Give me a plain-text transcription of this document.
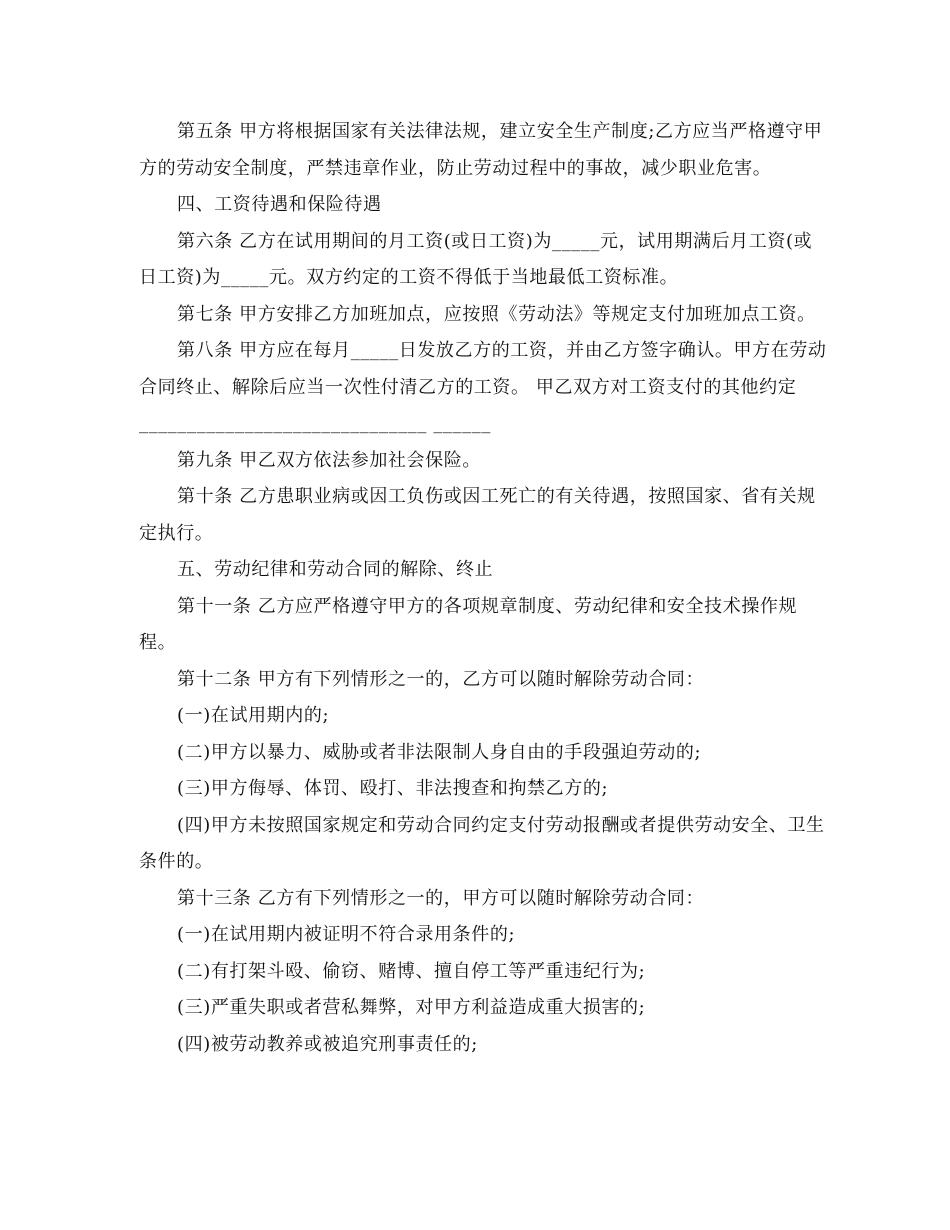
第五条 甲方将根据国家有关法律法规，建立安全生产制度;乙方应当严格遵守甲方的劳动安全制度，严禁违章作业，防止劳动过程中的事故，减少职业危害。

四、工资待遇和保险待遇

第六条 乙方在试用期间的月工资(或日工资)为_____元，试用期满后月工资(或日工资)为_____元。双方约定的工资不得低于当地最低工资标准。

第七条 甲方安排乙方加班加点，应按照《劳动法》等规定支付加班加点工资。

第八条 甲方应在每月_____日发放乙方的工资，并由乙方签字确认。甲方在劳动合同终止、解除后应当一次性付清乙方的工资。 甲乙双方对工资支付的其他约定______________________________ ______

第九条 甲乙双方依法参加社会保险。

第十条 乙方患职业病或因工负伤或因工死亡的有关待遇，按照国家、省有关规定执行。

五、劳动纪律和劳动合同的解除、终止

第十一条 乙方应严格遵守甲方的各项规章制度、劳动纪律和安全技术操作规程。

第十二条 甲方有下列情形之一的，乙方可以随时解除劳动合同：

(一)在试用期内的;

(二)甲方以暴力、威胁或者非法限制人身自由的手段强迫劳动的;

(三)甲方侮辱、体罚、殴打、非法搜查和拘禁乙方的;

(四)甲方未按照国家规定和劳动合同约定支付劳动报酬或者提供劳动安全、卫生条件的。

第十三条 乙方有下列情形之一的，甲方可以随时解除劳动合同：

(一)在试用期内被证明不符合录用条件的;

(二)有打架斗殴、偷窃、赌博、擅自停工等严重违纪行为;

(三)严重失职或者营私舞弊，对甲方利益造成重大损害的;

(四)被劳动教养或被追究刑事责任的;
